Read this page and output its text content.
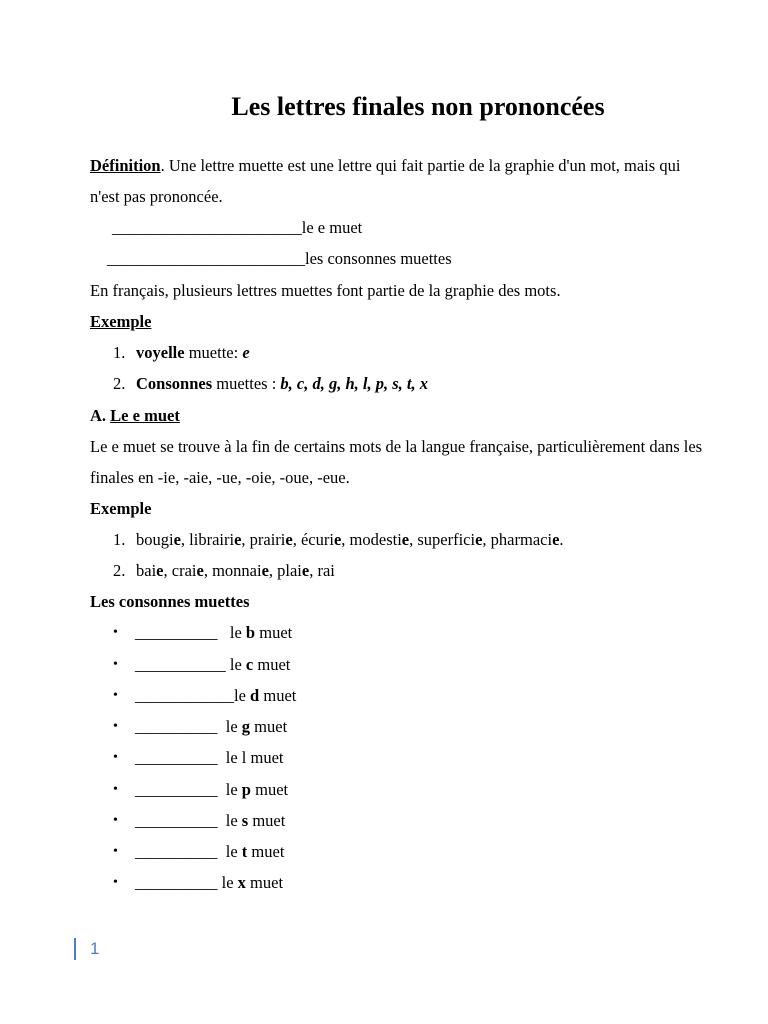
Les lettres finales non prononcées
Définition. Une lettre muette est une lettre qui fait partie de la graphie d'un mot, mais qui
n'est pas prononcée.
_______________________le e muet
________________________les consonnes muettes
En français, plusieurs lettres muettes font partie de la graphie des mots.
Exemple
1. voyelle muette: e
2. Consonnes muettes : b, c, d, g, h, l, p, s, t, x
A. Le e muet
Le e muet se trouve à la fin de certains mots de la langue française, particulièrement dans les
finales en -ie, -aie, -ue, -oie, -oue, -eue.
Exemple
1. bougie, librairie, prairie, écurie, modestie, superficie, pharmacie.
2. baie, craie, monnaie, plaie, rai
Les consonnes muettes
• __________   le b muet
• ___________ le c muet
• ____________le d muet
• __________  le g muet
• __________  le l muet
• __________  le p muet
• __________  le s muet
• __________  le t muet
• __________ le x muet
1
